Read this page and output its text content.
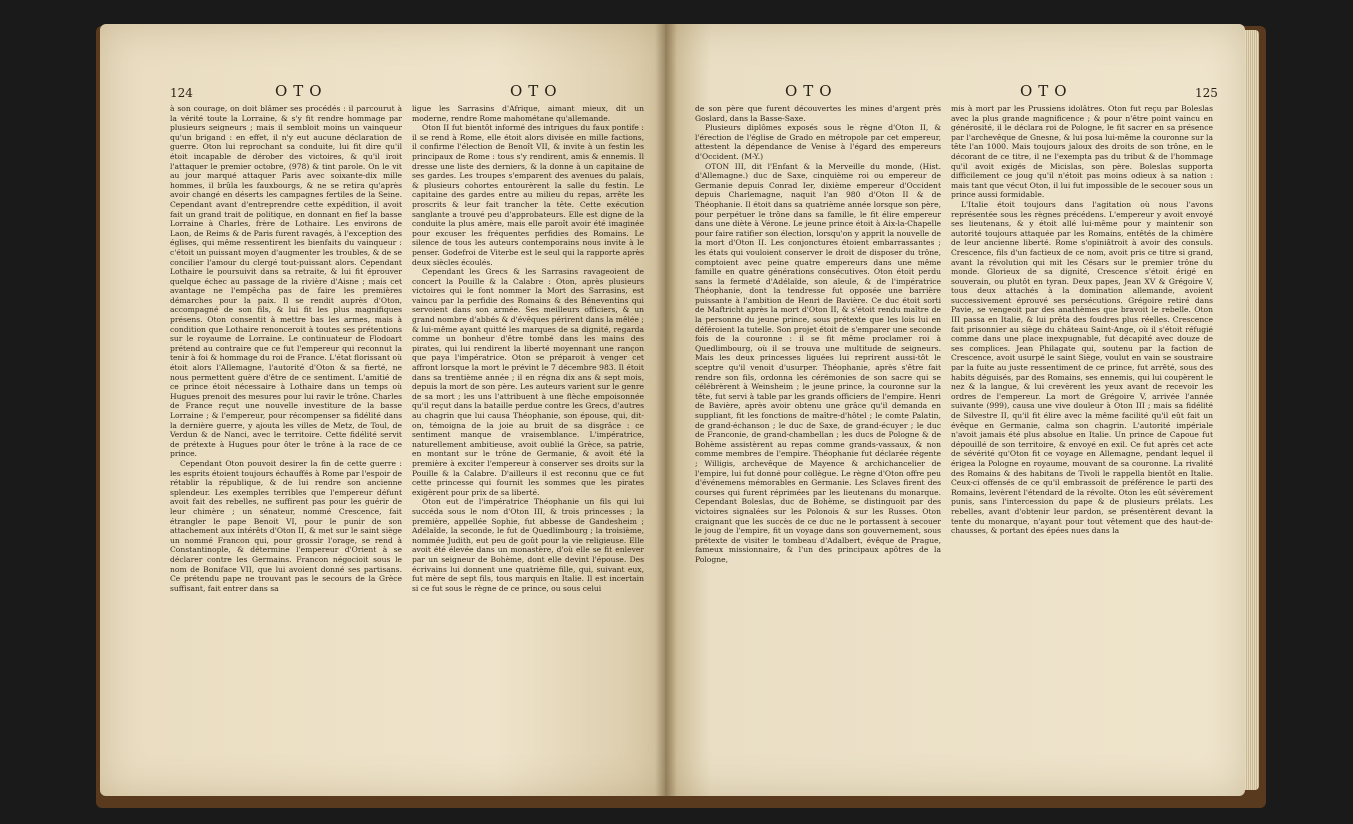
124	OTO	OTO

à son courage, on doit blâmer ses procédés : il parcourut à la vérité toute la Lorraine, & s'y fit rendre hommage par plusieurs seigneurs ; mais il sembloit moins un vainqueur qu'un brigand : en effet, il n'y eut aucune déclaration de guerre. Oton lui reprochant sa conduite, lui fit dire qu'il étoit incapable de dérober des victoires, & qu'il iroit l'attaquer le premier octobre, (978) & tint parole. On le vit au jour marqué attaquer Paris avec soixante-dix mille hommes, il brûla les fauxbourgs, & ne se retira qu'après avoir changé en déserts les campagnes fertiles de la Seine. Cependant avant d'entreprendre cette expédition, il avoit fait un grand trait de politique, en donnant en fief la basse Lorraine à Charles, frère de Lothaire. Les environs de Laon, de Reims & de Paris furent ravagés, à l'exception des églises, qui même ressentirent les bienfaits du vainqueur : c'étoit un puissant moyen d'augmenter les troubles, & de se concilier l'amour du clergé tout-puissant alors. Cependant Lothaire le poursuivit dans sa retraite, & lui fit éprouver quelque échec au passage de la rivière d'Aisne ; mais cet avantage ne l'empêcha pas de faire les premières démarches pour la paix. Il se rendit auprès d'Oton, accompagné de son fils, & lui fit les plus magnifiques présens. Oton consentit à mettre bas les armes, mais à condition que Lothaire renonceroit à toutes ses prétentions sur le royaume de Lorraine. Le continuateur de Flodoart prétend au contraire que ce fut l'empereur qui reconnut la tenir à foi & hommage du roi de France. L'état florissant où étoit alors l'Allemagne, l'autorité d'Oton & sa fierté, ne nous permettent guère d'être de ce sentiment. L'amitié de ce prince étoit nécessaire à Lothaire dans un temps où Hugues prenoit des mesures pour lui ravir le trône. Charles de France reçut une nouvelle investiture de la basse Lorraine ; & l'empereur, pour récompenser sa fidélité dans la dernière guerre, y ajouta les villes de Metz, de Toul, de Verdun & de Nanci, avec le territoire. Cette fidélité servit de prétexte à Hugues pour ôter le trône à la race de ce prince.

Cependant Oton pouvoit desirer la fin de cette guerre : les esprits étoient toujours échauffés à Rome par l'espoir de rétablir la république, & de lui rendre son ancienne splendeur. Les exemples terribles que l'empereur défunt avoit fait des rebelles, ne suffirent pas pour les guérir de leur chimère ; un sénateur, nommé Crescence, fait étrangler le pape Benoit VI, pour le punir de son attachement aux intérêts d'Oton II, & met sur le saint siège un nommé Francon qui, pour grossir l'orage, se rend à Constantinople, & détermine l'empereur d'Orient à se déclarer contre les Germains. Francon négocioit sous le nom de Boniface VII, que lui avoient donné ses partisans. Ce prétendu pape ne trouvant pas le secours de la Grèce suffisant, fait entrer dans sa

ligue les Sarrasins d'Afrique, aimant mieux, dit un moderne, rendre Rome mahométane qu'allemande.

Oton II fut bientôt informé des intrigues du faux pontife : il se rend à Rome, elle étoit alors divisée en mille factions, il confirme l'élection de Benoît VII, & invite à un festin les principaux de Rome : tous s'y rendirent, amis & ennemis. Il dresse une liste des derniers, & la donne à un capitaine de ses gardes. Les troupes s'emparent des avenues du palais, & plusieurs cohortes entourèrent la salle du festin. Le capitaine des gardes entre au milieu du repas, arrête les proscrits & leur fait trancher la tête. Cette exécution sanglante a trouvé peu d'approbateurs. Elle est digne de la conduite la plus amère, mais elle paroît avoir été imaginée pour excuser les fréquentes perfidies des Romains. Le silence de tous les auteurs contemporains nous invite à le penser. Godefroi de Viterbe est le seul qui la rapporte après deux siècles écoulés.

Cependant les Grecs & les Sarrasins ravageoient de concert la Pouille & la Calabre : Oton, après plusieurs victoires qui le font nommer la Mort des Sarrasins, est vaincu par la perfidie des Romains & des Béneventins qui servoient dans son armée. Ses meilleurs officiers, & un grand nombre d'abbés & d'évêques périrent dans la mêlée ; & lui-même ayant quitté les marques de sa dignité, regarda comme un bonheur d'être tombé dans les mains des pirates, qui lui rendirent la liberté moyennant une rançon que paya l'impératrice. Oton se préparoit à venger cet affront lorsque la mort le prévint le 7 décembre 983. Il étoit dans sa trentième année ; il en régna dix ans & sept mois, depuis la mort de son père. Les auteurs varient sur le genre de sa mort ; les uns l'attribuent à une flèche empoisonnée qu'il reçut dans la bataille perdue contre les Grecs, d'autres au chagrin que lui causa Théophanie, son épouse, qui, dit-on, témoigna de la joie au bruit de sa disgrâce : ce sentiment manque de vraisemblance. L'impératrice, naturellement ambitieuse, avoit oublié la Grèce, sa patrie, en montant sur le trône de Germanie, & avoit été la première à exciter l'empereur à conserver ses droits sur la Pouille & la Calabre. D'ailleurs il est reconnu que ce fut cette princesse qui fournit les sommes que les pirates exigèrent pour prix de sa liberté.

Oton eut de l'impératrice Théophanie un fils qui lui succéda sous le nom d'Oton III, & trois princesses ; la première, appellée Sophie, fut abbesse de Gandesheim ; Adélaïde, la seconde, le fut de Quedlimbourg ; la troisième, nommée Judith, eut peu de goût pour la vie religieuse. Elle avoit été élevée dans un monastère, d'où elle se fit enlever par un seigneur de Bohème, dont elle devint l'épouse. Des écrivains lui donnent une quatrième fille, qui, suivant eux, fut mère de sept fils, tous marquis en Italie. Il est incertain si ce fut sous le règne de ce prince, ou sous celui

OTO	OTO	125

de son père que furent découvertes les mines d'argent près Goslard, dans la Basse-Saxe.

Plusieurs diplômes exposés sous le règne d'Oton II, & l'érection de l'église de Grado en métropole par cet empereur, attestent la dépendance de Venise à l'égard des empereurs d'Occident. (M-Y.)

OTON III, dit l'Enfant & la Merveille du monde, (Hist. d'Allemagne.) duc de Saxe, cinquième roi ou empereur de Germanie depuis Conrad Ier, dixième empereur d'Occident depuis Charlemagne, naquit l'an 980 d'Oton II & de Théophanie. Il étoit dans sa quatrième année lorsque son père, pour perpétuer le trône dans sa famille, le fit élire empereur dans une diète à Vérone. Le jeune prince étoit à Aix-la-Chapelle pour faire ratifier son élection, lorsqu'on y apprit la nouvelle de la mort d'Oton II. Les conjonctures étoient embarrassantes ; les états qui vouloient conserver le droit de disposer du trône, comptoient avec peine quatre empereurs dans une même famille en quatre générations consécutives. Oton étoit perdu sans la fermeté d'Adélaïde, son aïeule, & de l'impératrice Théophanie, dont la tendresse fut opposée une barrière puissante à l'ambition de Henri de Bavière. Ce duc étoit sorti de Maftricht après la mort d'Oton II, & s'étoit rendu maître de la personne du jeune prince, sous prétexte que les lois lui en déféroient la tutelle. Son projet étoit de s'emparer une seconde fois de la couronne : il se fit même proclamer roi à Quedlimbourg, où il se trouva une multitude de seigneurs. Mais les deux princesses liguées lui reprirent aussi-tôt le sceptre qu'il venoit d'usurper. Théophanie, après s'être fait rendre son fils, ordonna les cérémonies de son sacre qui se célébrèrent à Weinsheim ; le jeune prince, la couronne sur la tête, fut servi à table par les grands officiers de l'empire. Henri de Bavière, après avoir obtenu une grâce qu'il demanda en suppliant, fit les fonctions de maître-d'hôtel ; le comte Palatin, de grand-échanson ; le duc de Saxe, de grand-écuyer ; le duc de Franconie, de grand-chambellan ; les ducs de Pologne & de Bohème assistèrent au repas comme grands-vassaux, & non comme membres de l'empire. Théophanie fut déclarée régente ; Willigis, archevêque de Mayence & archichancelier de l'empire, lui fut donné pour collègue. Le règne d'Oton offre peu d'événemens mémorables en Germanie. Les Sclaves firent des courses qui furent réprimées par les lieutenans du monarque. Cependant Boleslas, duc de Bohème, se distinguoit par des victoires signalées sur les Polonois & sur les Russes. Oton craignant que les succès de ce duc ne le portassent à secouer le joug de l'empire, fit un voyage dans son gouvernement, sous prétexte de visiter le tombeau d'Adalbert, évêque de Prague, fameux missionnaire, & l'un des principaux apôtres de la Pologne,

mis à mort par les Prussiens idolâtres. Oton fut reçu par Boleslas avec la plus grande magnificence ; & pour n'être point vaincu en générosité, il le déclara roi de Pologne, le fit sacrer en sa présence par l'archevêque de Gnesne, & lui posa lui-même la couronne sur la tête l'an 1000. Mais toujours jaloux des droits de son trône, en le décorant de ce titre, il ne l'exempta pas du tribut & de l'hommage qu'il avoit exigés de Micislas, son père. Boleslas supporta difficilement ce joug qu'il n'étoit pas moins odieux à sa nation : mais tant que vécut Oton, il lui fut impossible de le secouer sous un prince aussi formidable.

L'Italie étoit toujours dans l'agitation où nous l'avons représentée sous les règnes précédens. L'empereur y avoit envoyé ses lieutenans, & y étoit allé lui-même pour y maintenir son autorité toujours attaquée par les Romains, entêtés de la chimère de leur ancienne liberté. Rome s'opiniâtroit à avoir des consuls. Crescence, fils d'un factieux de ce nom, avoit pris ce titre si grand, avant la révolution qui mit les Césars sur le premier trône du monde. Glorieux de sa dignité, Crescence s'étoit érigé en souverain, ou plutôt en tyran. Deux papes, Jean XV & Grégoire V, tous deux attachés à la domination allemande, avoient successivement éprouvé ses persécutions. Grégoire retiré dans Pavie, se vengeoit par des anathèmes que bravoit le rebelle. Oton III passa en Italie, & lui prêta des foudres plus réelles. Crescence fait prisonnier au siège du château Saint-Ange, où il s'étoit réfugié comme dans une place inexpugnable, fut décapité avec douze de ses complices. Jean Philagate qui, soutenu par la faction de Crescence, avoit usurpé le saint Siège, voulut en vain se soustraire par la fuite au juste ressentiment de ce prince, fut arrêté, sous des habits déguisés, par des Romains, ses ennemis, qui lui coupèrent le nez & la langue, & lui crevèrent les yeux avant de recevoir les ordres de l'empereur. La mort de Grégoire V, arrivée l'année suivante (999), causa une vive douleur à Oton III ; mais sa fidélité de Silvestre II, qu'il fit élire avec la même facilité qu'il eût fait un évêque en Germanie, calma son chagrin. L'autorité impériale n'avoit jamais été plus absolue en Italie. Un prince de Capoue fut dépouillé de son territoire, & envoyé en exil. Ce fut après cet acte de sévérité qu'Oton fit ce voyage en Allemagne, pendant lequel il érigea la Pologne en royaume, mouvant de sa couronne. La rivalité des Romains & des habitans de Tivoli le rappella bientôt en Italie. Ceux-ci offensés de ce qu'il embrassoit de préférence le parti des Romains, levèrent l'étendard de la révolte. Oton les eût sévèrement punis, sans l'intercession du pape & de plusieurs prélats. Les rebelles, avant d'obtenir leur pardon, se présentèrent devant la tente du monarque, n'ayant pour tout vêtement que des haut-de-chausses, & portant des épées nues dans la
